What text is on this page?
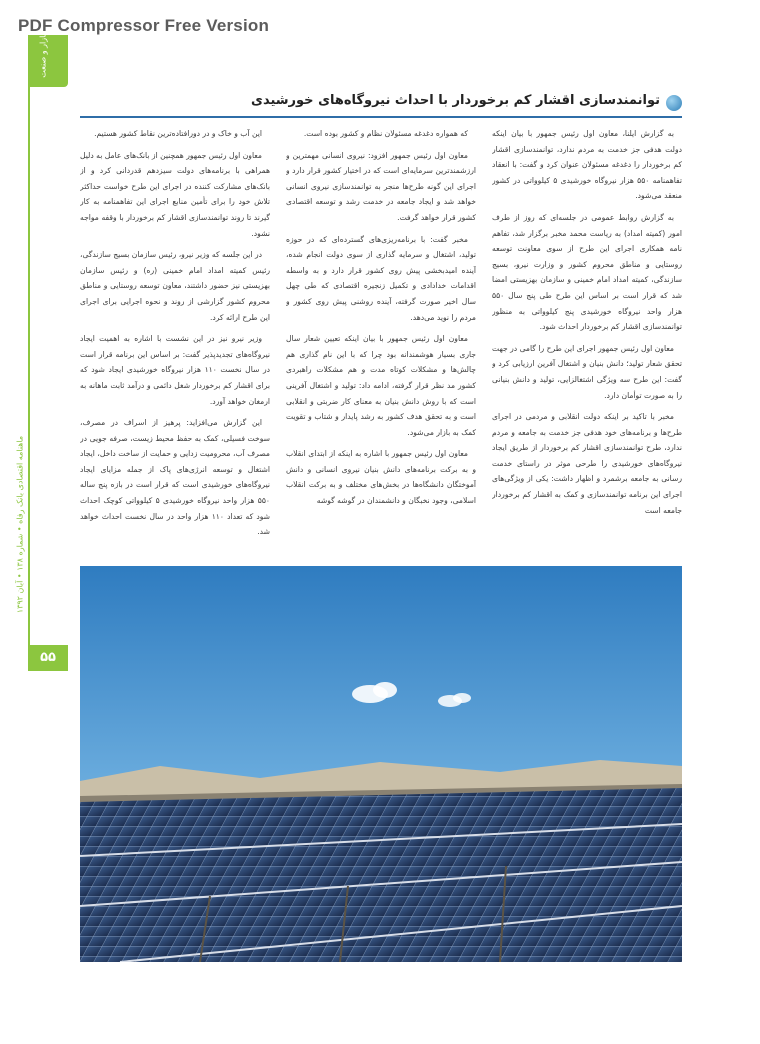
PDF Compressor Free Version
بازار و صنعت
ماهنامه اقتصادی بانک رفاه • شماره ۱۳۸ • آبان ۱۳۹۲
۵۵
توانمندسازی اقشار کم برخوردار با احداث نیروگاه‌های خورشیدی

به گزارش ایلنا، معاون اول رئیس جمهور با بیان اینکه دولت هدفی جز خدمت به مردم ندارد، توانمندسازی اقشار کم برخوردار را دغدغه مسئولان عنوان کرد و گفت: با انعقاد تفاهمنامه ۵۵۰ هزار نیروگاه خورشیدی ۵ کیلوواتی در کشور منعقد می‌شود.

به گزارش روابط عمومی در جلسه‌ای که روز از طرف امور (کمیته امداد) به ریاست محمد مخبر برگزار شد، تفاهم نامه همکاری اجرای این طرح از سوی معاونت توسعه روستایی و مناطق محروم کشور و وزارت نیرو، بسیج سازندگی، کمیته امداد امام خمینی و سازمان بهزیستی امضا شد که قرار است بر اساس این طرح طی پنج سال ۵۵۰ هزار واحد نیروگاه خورشیدی پنج کیلوواتی به منظور توانمندسازی اقشار کم برخوردار احداث شود.

معاون اول رئیس جمهور اجرای این طرح را گامی در جهت تحقق شعار تولید؛ دانش بنیان و اشتغال آفرین ارزیابی کرد و گفت: این طرح سه ویژگی اشتغالزایی، تولید و دانش بنیانی را به صورت توأمان دارد.

مخبر با تاکید بر اینکه دولت انقلابی و مردمی در اجرای طرح‌ها و برنامه‌های خود هدفی جز خدمت به جامعه و مردم ندارد، طرح توانمندسازی اقشار کم برخوردار از طریق ایجاد نیروگاه‌های خورشیدی را طرحی موثر در راستای خدمت رسانی به جامعه برشمرد و اظهار داشت: یکی از ویژگی‌های اجرای این برنامه توانمندسازی و کمک به اقشار کم برخوردار جامعه است

که همواره دغدغه مسئولان نظام و کشور بوده است.

معاون اول رئیس جمهور افزود: نیروی انسانی مهمترین و ارزشمندترین سرمایه‌ای است که در اختیار کشور قرار دارد و اجرای این گونه طرح‌ها منجر به توانمندسازی نیروی انسانی خواهد شد و ایجاد جامعه در خدمت رشد و توسعه اقتصادی کشور قرار خواهد گرفت.

مخبر گفت: با برنامه‌ریزی‌های گسترده‌ای که در حوزه تولید، اشتغال و سرمایه گذاری از سوی دولت انجام شده، آینده امیدبخشی پیش روی کشور قرار دارد و به واسطه اقدامات خدادادی و تکمیل زنجیره اقتصادی که طی چهل سال اخیر صورت گرفته، آینده روشنی پیش روی کشور و مردم را نوید می‌دهد.

معاون اول رئیس جمهور با بیان اینکه تعیین شعار سال جاری بسیار هوشمندانه بود چرا که با این نام گذاری هم چالش‌ها و مشکلات کوتاه مدت و هم مشکلات راهبردی کشور مد نظر قرار گرفته، ادامه داد: تولید و اشتغال آفرینی است که با روش دانش بنیان به معنای کار ضربتی و انقلابی است و به تحقق هدف کشور به رشد پایدار و شتاب و تقویت کمک به بازار می‌شود.

معاون اول رئیس جمهور با اشاره به اینکه از ابتدای انقلاب و به برکت برنامه‌های دانش بنیان نیروی انسانی و دانش آموختگان دانشگاه‌ها در بخش‌های مختلف و به برکت انقلاب اسلامی، وجود نخبگان و دانشمندان در گوشه گوشه

این آب و خاک و در دورافتاده‌ترین نقاط کشور هستیم.

معاون اول رئیس جمهور همچنین از بانک‌های عامل به دلیل همراهی با برنامه‌های دولت سیزدهم قدردانی کرد و از بانک‌های مشارکت کننده در اجرای این طرح خواست حداکثر تلاش خود را برای تأمین منابع اجرای این تفاهمنامه به کار گیرند تا روند توانمندسازی اقشار کم برخوردار با وقفه مواجه نشود.

در این جلسه که وزیر نیرو، رئیس سازمان بسیج سازندگی، رئیس کمیته امداد امام خمینی (ره) و رئیس سازمان بهزیستی نیز حضور داشتند، معاون توسعه روستایی و مناطق محروم کشور گزارشی از روند و نحوه اجرایی برای اجرای این طرح ارائه کرد.

وزیر نیرو نیز در این نشست با اشاره به اهمیت ایجاد نیروگاه‌های تجدیدپذیر گفت: بر اساس این برنامه قرار است در سال نخست ۱۱۰ هزار نیروگاه خورشیدی ایجاد شود که برای اقشار کم برخوردار شغل دائمی و درآمد ثابت ماهانه به ارمغان خواهد آورد.

این گزارش می‌افزاید: پرهیز از اسراف در مصرف، سوخت فسیلی، کمک به حفظ محیط زیست، صرفه جویی در مصرف آب، محرومیت زدایی و حمایت از ساخت داخل، ایجاد اشتغال و توسعه انرژی‌های پاک از جمله مزایای ایجاد نیروگاه‌های خورشیدی است که قرار است در بازه پنج ساله ۵۵۰ هزار واحد نیروگاه خورشیدی ۵ کیلوواتی کوچک احداث شود که تعداد ۱۱۰ هزار واحد در سال نخست احداث خواهد شد.
